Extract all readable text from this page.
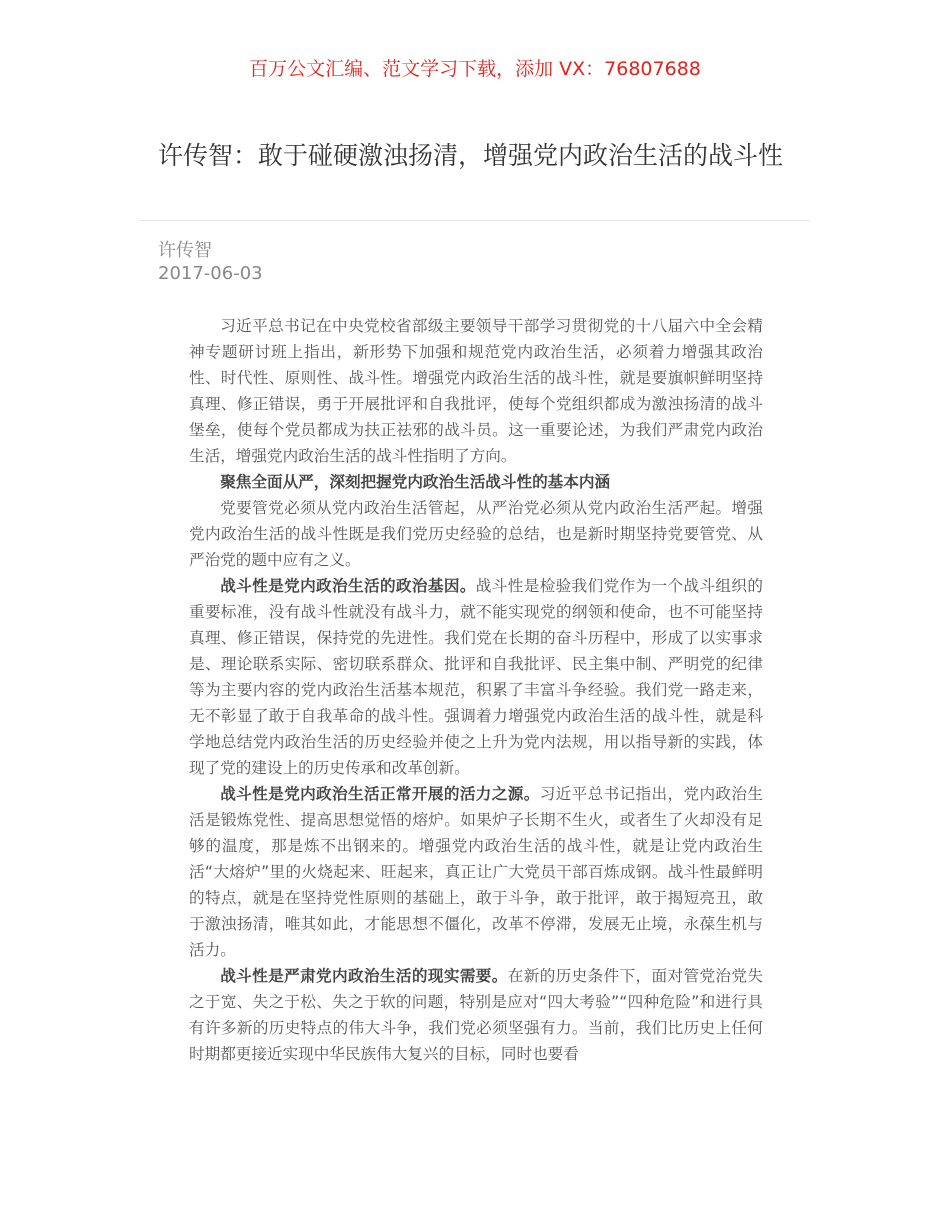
百万公文汇编、范文学习下载，添加 VX：76807688
许传智：敢于碰硬激浊扬清，增强党内政治生活的战斗性
许传智
2017-06-03

习近平总书记在中央党校省部级主要领导干部学习贯彻党的十八届六中全会精神专题研讨班上指出，新形势下加强和规范党内政治生活，必须着力增强其政治性、时代性、原则性、战斗性。增强党内政治生活的战斗性，就是要旗帜鲜明坚持真理、修正错误，勇于开展批评和自我批评，使每个党组织都成为激浊扬清的战斗堡垒，使每个党员都成为扶正祛邪的战斗员。这一重要论述，为我们严肃党内政治生活，增强党内政治生活的战斗性指明了方向。

聚焦全面从严，深刻把握党内政治生活战斗性的基本内涵

党要管党必须从党内政治生活管起，从严治党必须从党内政治生活严起。增强党内政治生活的战斗性既是我们党历史经验的总结，也是新时期坚持党要管党、从严治党的题中应有之义。

战斗性是党内政治生活的政治基因。战斗性是检验我们党作为一个战斗组织的重要标准，没有战斗性就没有战斗力，就不能实现党的纲领和使命，也不可能坚持真理、修正错误，保持党的先进性。我们党在长期的奋斗历程中，形成了以实事求是、理论联系实际、密切联系群众、批评和自我批评、民主集中制、严明党的纪律等为主要内容的党内政治生活基本规范，积累了丰富斗争经验。我们党一路走来，无不彰显了敢于自我革命的战斗性。强调着力增强党内政治生活的战斗性，就是科学地总结党内政治生活的历史经验并使之上升为党内法规，用以指导新的实践，体现了党的建设上的历史传承和改革创新。

战斗性是党内政治生活正常开展的活力之源。习近平总书记指出，党内政治生活是锻炼党性、提高思想觉悟的熔炉。如果炉子长期不生火，或者生了火却没有足够的温度，那是炼不出钢来的。增强党内政治生活的战斗性，就是让党内政治生活“大熔炉”里的火烧起来、旺起来，真正让广大党员干部百炼成钢。战斗性最鲜明的特点，就是在坚持党性原则的基础上，敢于斗争，敢于批评，敢于揭短亮丑，敢于激浊扬清，唯其如此，才能思想不僵化，改革不停滞，发展无止境，永葆生机与活力。

战斗性是严肃党内政治生活的现实需要。在新的历史条件下，面对管党治党失之于宽、失之于松、失之于软的问题，特别是应对“四大考验”“四种危险”和进行具有许多新的历史特点的伟大斗争，我们党必须坚强有力。当前，我们比历史上任何时期都更接近实现中华民族伟大复兴的目标，同时也要看
